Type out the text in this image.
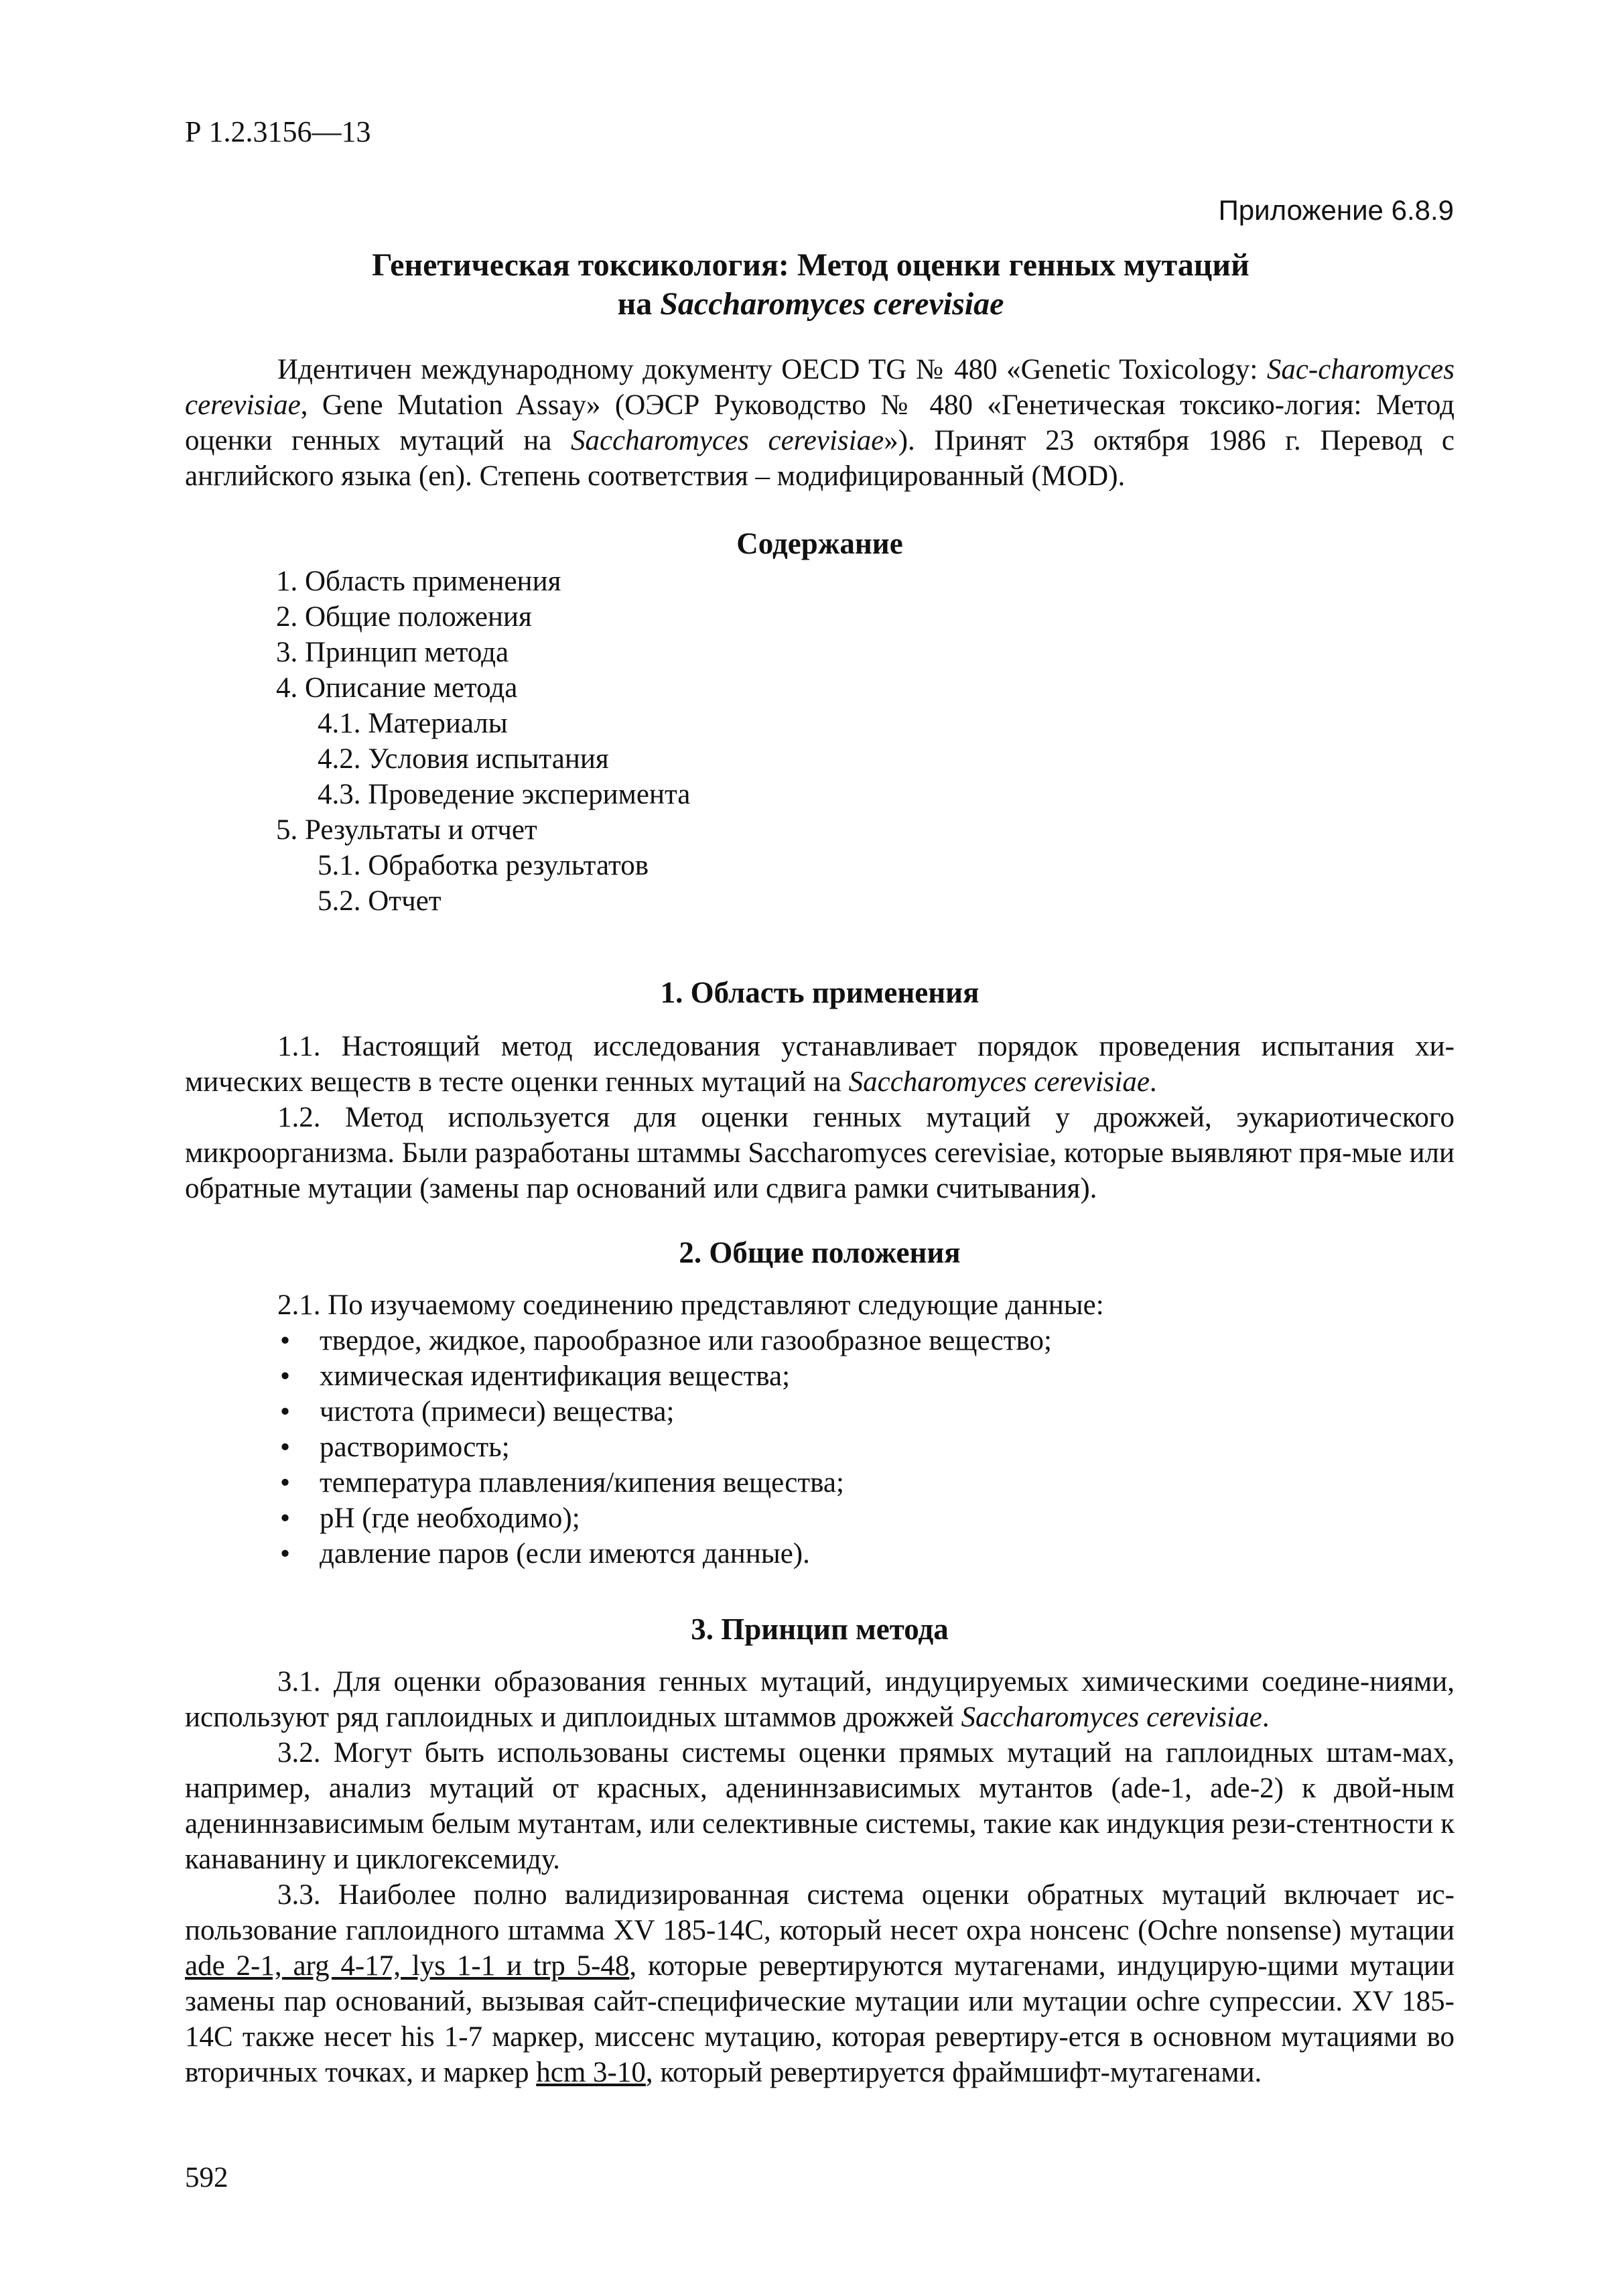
Р 1.2.3156—13
Приложение 6.8.9
Генетическая токсикология: Метод оценки генных мутаций
на Saccharomyces cerevisiae

Идентичен международному документу OECD TG № 480 «Genetic Toxicology: Sac-charomyces cerevisiae, Gene Mutation Assay» (ОЭСР Руководство № 480 «Генетическая токсико-логия: Метод оценки генных мутаций на Saccharomyces cerevisiae»). Принят 23 октября 1986 г. Перевод с английского языка (en). Степень соответствия – модифицированный (MOD).

Содержание
1. Область применения
2. Общие положения
3. Принцип метода
4. Описание метода
4.1. Материалы
4.2. Условия испытания
4.3. Проведение эксперимента
5. Результаты и отчет
5.1. Обработка результатов
5.2. Отчет
1. Область применения

1.1. Настоящий метод исследования устанавливает порядок проведения испытания хи-мических веществ в тесте оценки генных мутаций на Saccharomyces cerevisiae.

1.2. Метод используется для оценки генных мутаций у дрожжей, эукариотического микроорганизма. Были разработаны штаммы Saccharomyces cerevisiae, которые выявляют пря-мые или обратные мутации (замены пар оснований или сдвига рамки считывания).

2. Общие положения

2.1. По изучаемому соединению представляют следующие данные:

• твердое, жидкое, парообразное или газообразное вещество;
• химическая идентификация вещества;
• чистота (примеси) вещества;
• растворимость;
• температура плавления/кипения вещества;
• pH (где необходимо);
• давление паров (если имеются данные).
3. Принцип метода

3.1. Для оценки образования генных мутаций, индуцируемых химическими соедине-ниями, используют ряд гаплоидных и диплоидных штаммов дрожжей Saccharomyces cerevisiae.

3.2. Могут быть использованы системы оценки прямых мутаций на гаплоидных штам-мах, например, анализ мутаций от красных, адениннзависимых мутантов (ade-1, ade-2) к двой-ным адениннзависимым белым мутантам, или селективные системы, такие как индукция рези-стентности к канаванину и циклогексемиду.

3.3. Наиболее полно валидизированная система оценки обратных мутаций включает ис-пользование гаплоидного штамма XV 185-14C, который несет охра нонсенс (Ochre nonsense) мутации ade 2-1, arg 4-17, lys 1-1 и trp 5-48, которые ревертируются мутагенами, индуцирую-щими мутации замены пар оснований, вызывая сайт-специфические мутации или мутации ochre супрессии. XV 185-14C также несет his 1-7 маркер, миссенс мутацию, которая ревертиру-ется в основном мутациями во вторичных точках, и маркер hcm 3-10, который ревертируется фраймшифт-мутагенами.

592
